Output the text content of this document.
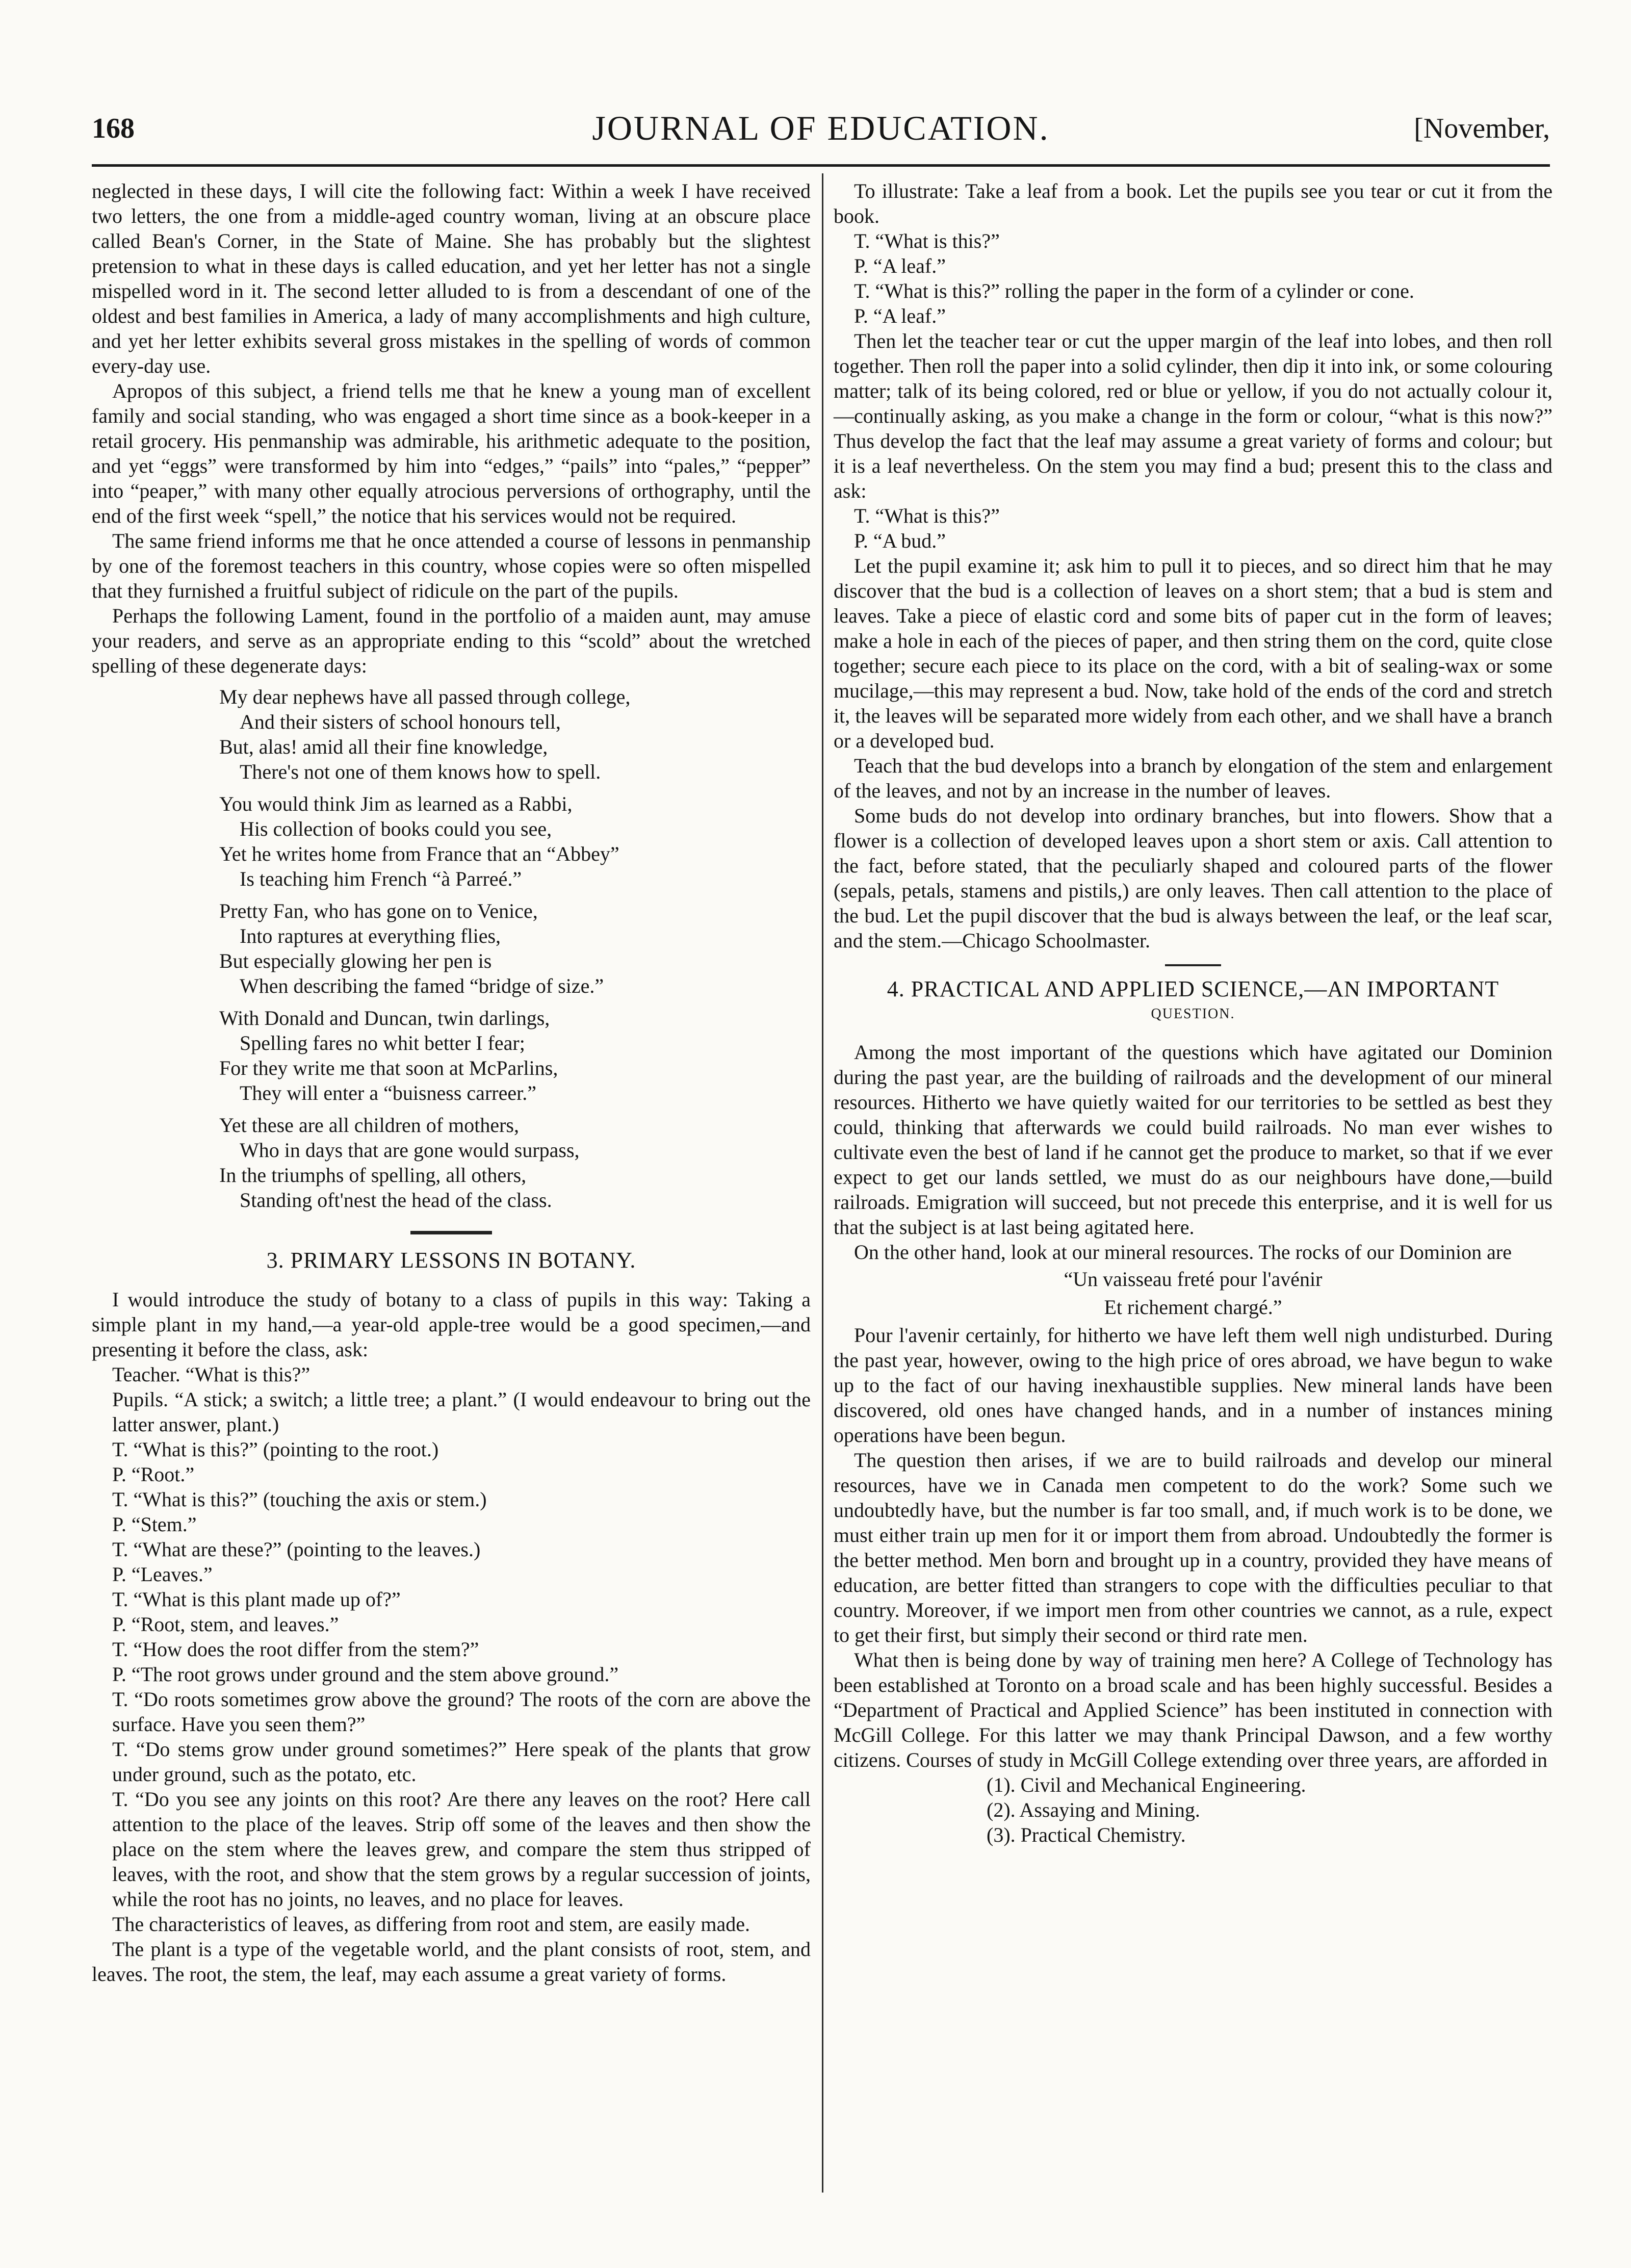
168	JOURNAL OF EDUCATION.	[November,

neglected in these days, I will cite the following fact: Within a week I have received two letters, the one from a middle-aged country woman, living at an obscure place called Bean's Corner, in the State of Maine. She has probably but the slightest pretension to what in these days is called education, and yet her letter has not a single mispelled word in it. The second letter alluded to is from a descendant of one of the oldest and best families in America, a lady of many accomplishments and high culture, and yet her letter exhibits several gross mistakes in the spelling of words of common every-day use.

Apropos of this subject, a friend tells me that he knew a young man of excellent family and social standing, who was engaged a short time since as a book-keeper in a retail grocery. His penmanship was admirable, his arithmetic adequate to the position, and yet “eggs” were transformed by him into “edges,” “pails” into “pales,” “pepper” into “peaper,” with many other equally atrocious perversions of orthography, until the end of the first week “spell,” the notice that his services would not be required.

The same friend informs me that he once attended a course of lessons in penmanship by one of the foremost teachers in this country, whose copies were so often mispelled that they furnished a fruitful subject of ridicule on the part of the pupils.

Perhaps the following Lament, found in the portfolio of a maiden aunt, may amuse your readers, and serve as an appropriate ending to this “scold” about the wretched spelling of these degenerate days:

My dear nephews have all passed through college,
And their sisters of school honours tell,
But, alas! amid all their fine knowledge,
There's not one of them knows how to spell.
You would think Jim as learned as a Rabbi,
His collection of books could you see,
Yet he writes home from France that an “Abbey”
Is teaching him French “à Parreé.”
Pretty Fan, who has gone on to Venice,
Into raptures at everything flies,
But especially glowing her pen is
When describing the famed “bridge of size.”
With Donald and Duncan, twin darlings,
Spelling fares no whit better I fear;
For they write me that soon at McParlins,
They will enter a “buisness carreer.”
Yet these are all children of mothers,
Who in days that are gone would surpass,
In the triumphs of spelling, all others,
Standing oft'nest the head of the class.
3. PRIMARY LESSONS IN BOTANY.

I would introduce the study of botany to a class of pupils in this way: Taking a simple plant in my hand,—a year-old apple-tree would be a good specimen,—and presenting it before the class, ask:

Teacher. “What is this?”

Pupils. “A stick; a switch; a little tree; a plant.” (I would endeavour to bring out the latter answer, plant.)

T. “What is this?” (pointing to the root.)

P. “Root.”

T. “What is this?” (touching the axis or stem.)

P. “Stem.”

T. “What are these?” (pointing to the leaves.)

P. “Leaves.”

T. “What is this plant made up of?”

P. “Root, stem, and leaves.”

T. “How does the root differ from the stem?”

P. “The root grows under ground and the stem above ground.”

T. “Do roots sometimes grow above the ground? The roots of the corn are above the surface. Have you seen them?”

T. “Do stems grow under ground sometimes?” Here speak of the plants that grow under ground, such as the potato, etc.

T. “Do you see any joints on this root? Are there any leaves on the root? Here call attention to the place of the leaves. Strip off some of the leaves and then show the place on the stem where the leaves grew, and compare the stem thus stripped of leaves, with the root, and show that the stem grows by a regular succession of joints, while the root has no joints, no leaves, and no place for leaves.

The characteristics of leaves, as differing from root and stem, are easily made.

The plant is a type of the vegetable world, and the plant consists of root, stem, and leaves. The root, the stem, the leaf, may each assume a great variety of forms.

To illustrate: Take a leaf from a book. Let the pupils see you tear or cut it from the book.

T. “What is this?”

P. “A leaf.”

T. “What is this?” rolling the paper in the form of a cylinder or cone.

P. “A leaf.”

Then let the teacher tear or cut the upper margin of the leaf into lobes, and then roll together. Then roll the paper into a solid cylinder, then dip it into ink, or some colouring matter; talk of its being colored, red or blue or yellow, if you do not actually colour it,—continually asking, as you make a change in the form or colour, “what is this now?” Thus develop the fact that the leaf may assume a great variety of forms and colour; but it is a leaf nevertheless. On the stem you may find a bud; present this to the class and ask:

T. “What is this?”

P. “A bud.”

Let the pupil examine it; ask him to pull it to pieces, and so direct him that he may discover that the bud is a collection of leaves on a short stem; that a bud is stem and leaves. Take a piece of elastic cord and some bits of paper cut in the form of leaves; make a hole in each of the pieces of paper, and then string them on the cord, quite close together; secure each piece to its place on the cord, with a bit of sealing-wax or some mucilage,—this may represent a bud. Now, take hold of the ends of the cord and stretch it, the leaves will be separated more widely from each other, and we shall have a branch or a developed bud.

Teach that the bud develops into a branch by elongation of the stem and enlargement of the leaves, and not by an increase in the number of leaves.

Some buds do not develop into ordinary branches, but into flowers. Show that a flower is a collection of developed leaves upon a short stem or axis. Call attention to the fact, before stated, that the peculiarly shaped and coloured parts of the flower (sepals, petals, stamens and pistils,) are only leaves. Then call attention to the place of the bud. Let the pupil discover that the bud is always between the leaf, or the leaf scar, and the stem.—Chicago Schoolmaster.

4. PRACTICAL AND APPLIED SCIENCE,—AN IMPORTANT
QUESTION.

Among the most important of the questions which have agitated our Dominion during the past year, are the building of railroads and the development of our mineral resources. Hitherto we have quietly waited for our territories to be settled as best they could, thinking that afterwards we could build railroads. No man ever wishes to cultivate even the best of land if he cannot get the produce to market, so that if we ever expect to get our lands settled, we must do as our neighbours have done,—build railroads. Emigration will succeed, but not precede this enterprise, and it is well for us that the subject is at last being agitated here.

On the other hand, look at our mineral resources. The rocks of our Dominion are

“Un vaisseau freté pour l'avénir
Et richement chargé.”

Pour l'avenir certainly, for hitherto we have left them well nigh undisturbed. During the past year, however, owing to the high price of ores abroad, we have begun to wake up to the fact of our having inexhaustible supplies. New mineral lands have been discovered, old ones have changed hands, and in a number of instances mining operations have been begun.

The question then arises, if we are to build railroads and develop our mineral resources, have we in Canada men competent to do the work? Some such we undoubtedly have, but the number is far too small, and, if much work is to be done, we must either train up men for it or import them from abroad. Undoubtedly the former is the better method. Men born and brought up in a country, provided they have means of education, are better fitted than strangers to cope with the difficulties peculiar to that country. Moreover, if we import men from other countries we cannot, as a rule, expect to get their first, but simply their second or third rate men.

What then is being done by way of training men here? A College of Technology has been established at Toronto on a broad scale and has been highly successful. Besides a “Department of Practical and Applied Science” has been instituted in connection with McGill College. For this latter we may thank Principal Dawson, and a few worthy citizens. Courses of study in McGill College extending over three years, are afforded in

(1). Civil and Mechanical Engineering.
(2). Assaying and Mining.
(3). Practical Chemistry.
